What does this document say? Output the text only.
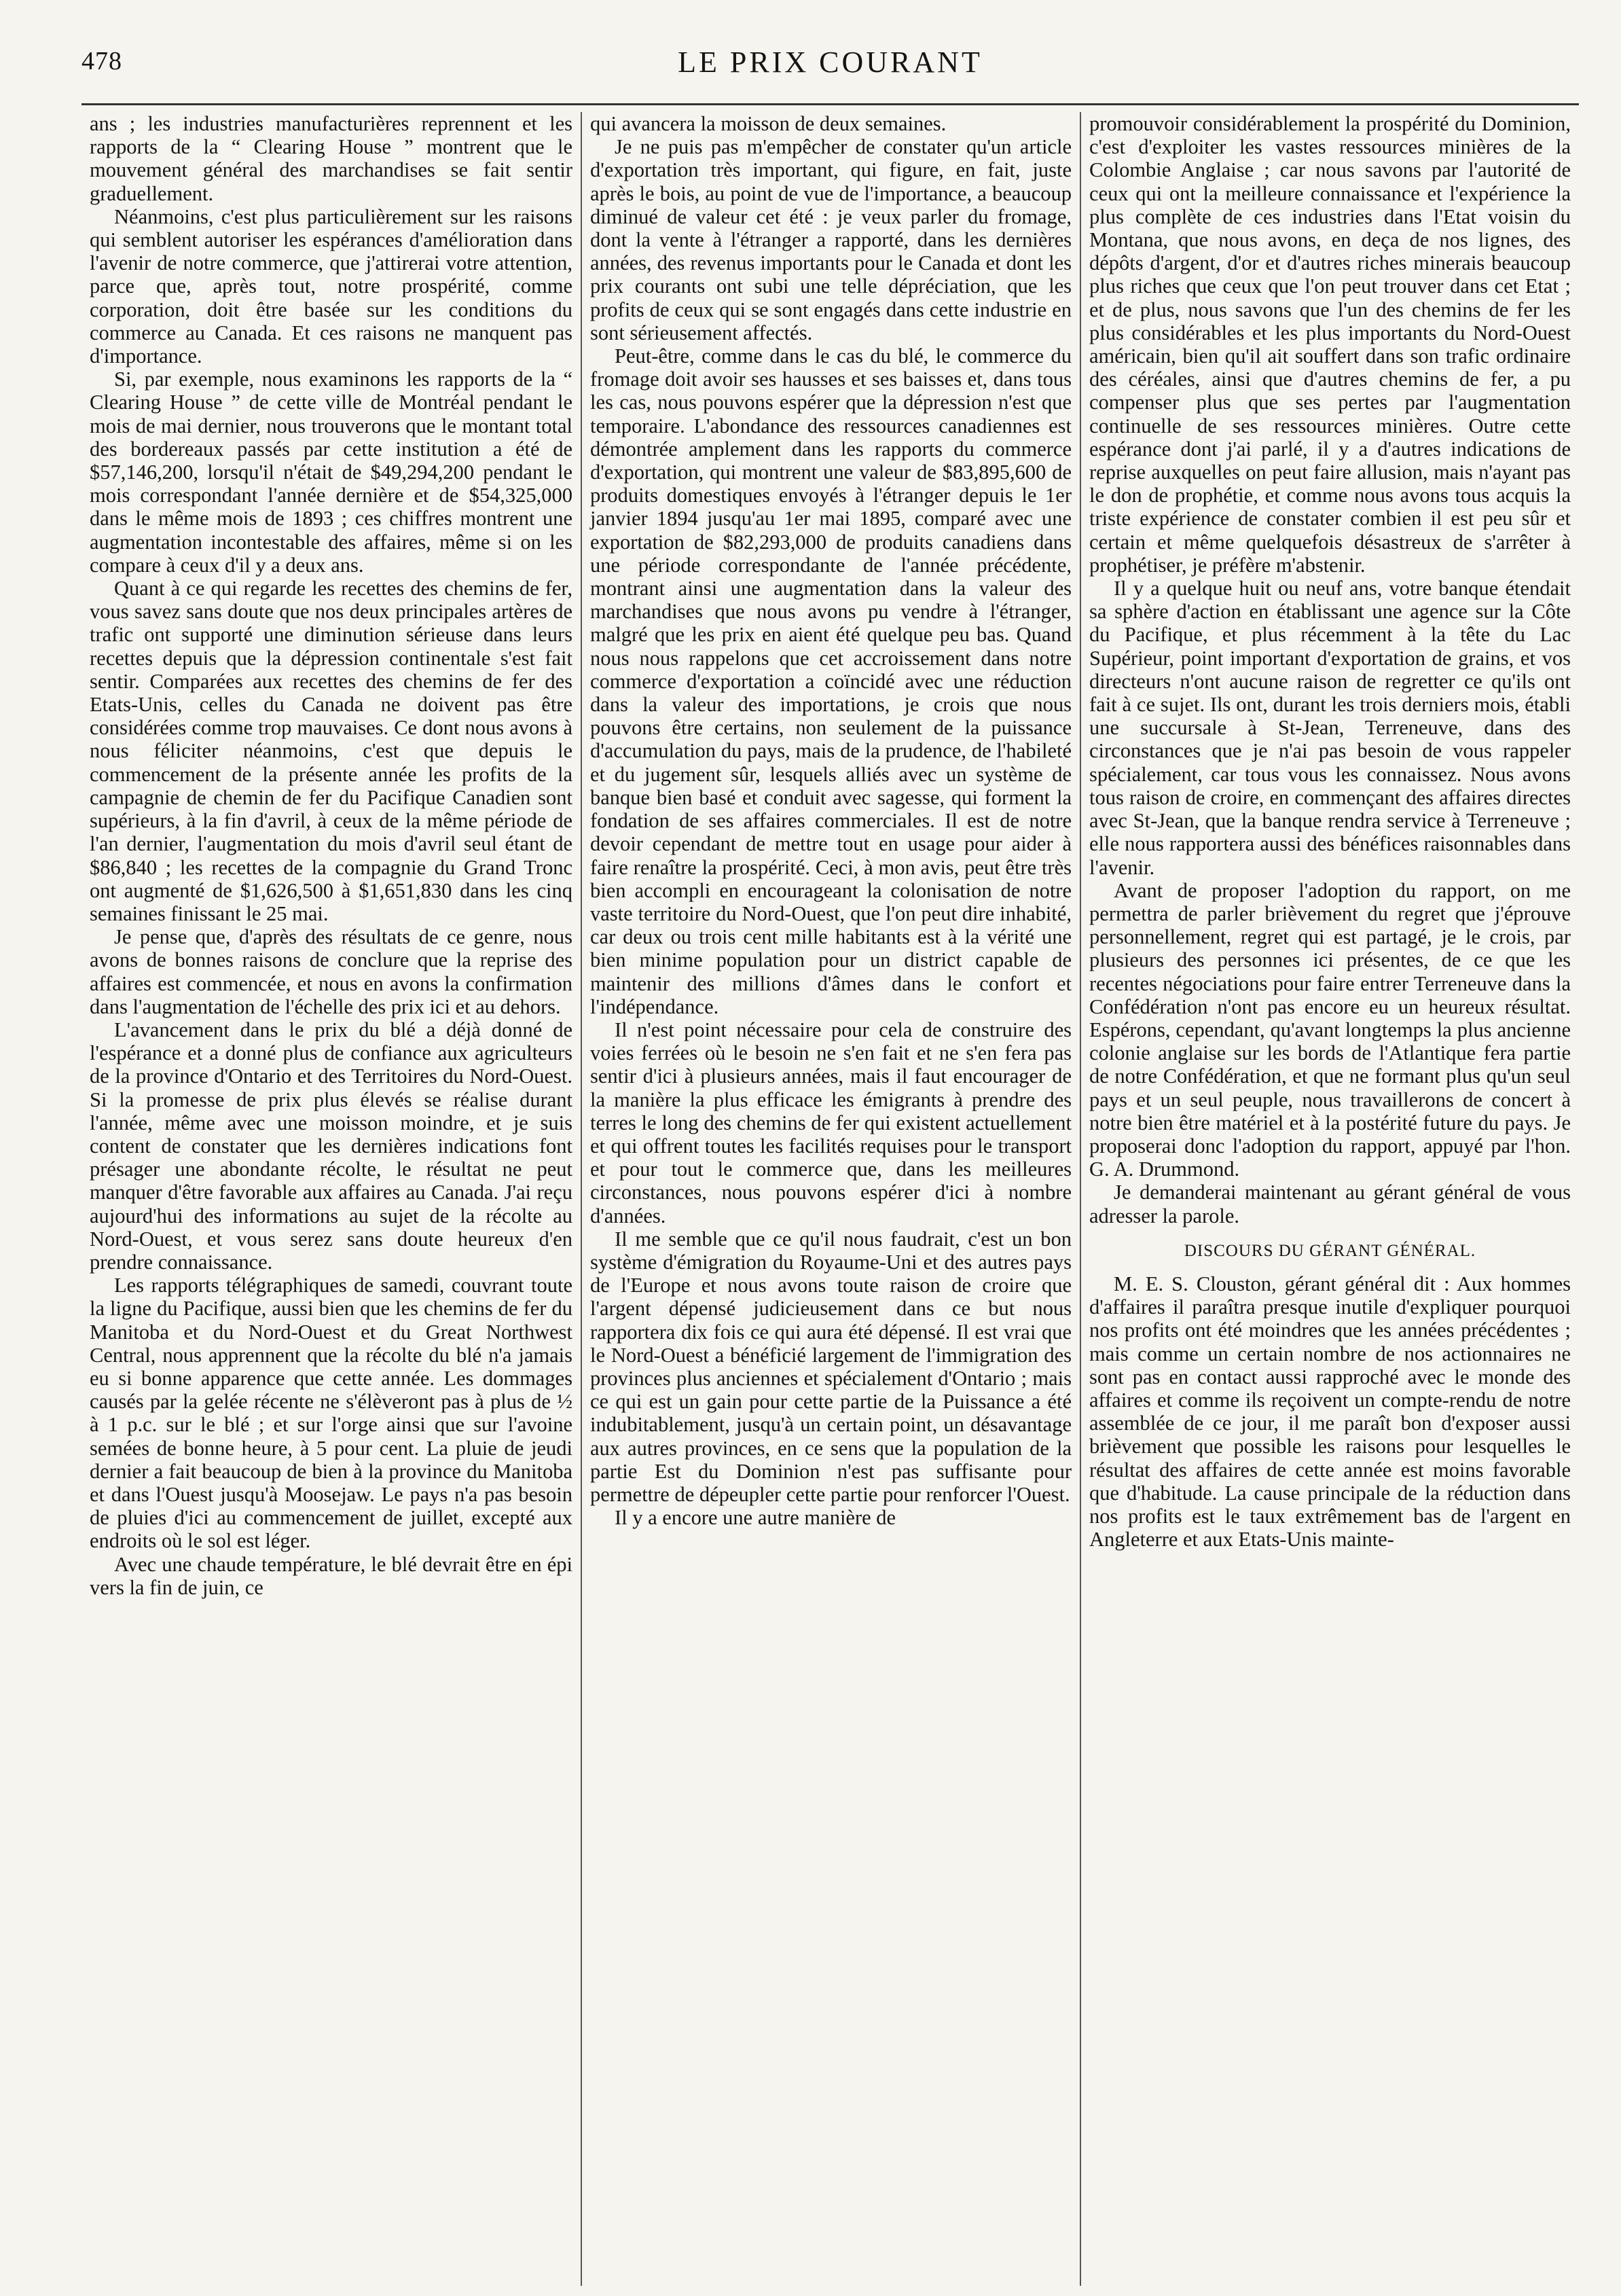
478	LE PRIX COURANT

ans ; les industries manufacturières reprennent et les rapports de la “ Clearing House ” montrent que le mouvement général des marchandises se fait sentir graduellement.

Néanmoins, c'est plus particulièrement sur les raisons qui semblent autoriser les espérances d'amélioration dans l'avenir de notre commerce, que j'attirerai votre attention, parce que, après tout, notre prospérité, comme corporation, doit être basée sur les conditions du commerce au Canada. Et ces raisons ne manquent pas d'importance.

Si, par exemple, nous examinons les rapports de la “ Clearing House ” de cette ville de Montréal pendant le mois de mai dernier, nous trouverons que le montant total des bordereaux passés par cette institution a été de $57,146,200, lorsqu'il n'était de $49,294,200 pendant le mois correspondant l'année dernière et de $54,325,000 dans le même mois de 1893 ; ces chiffres montrent une augmentation incontestable des affaires, même si on les compare à ceux d'il y a deux ans.

Quant à ce qui regarde les recettes des chemins de fer, vous savez sans doute que nos deux principales artères de trafic ont supporté une diminution sérieuse dans leurs recettes depuis que la dépression continentale s'est fait sentir. Comparées aux recettes des chemins de fer des Etats-Unis, celles du Canada ne doivent pas être considérées comme trop mauvaises. Ce dont nous avons à nous féliciter néanmoins, c'est que depuis le commencement de la présente année les profits de la campagnie de chemin de fer du Pacifique Canadien sont supérieurs, à la fin d'avril, à ceux de la même période de l'an dernier, l'augmentation du mois d'avril seul étant de $86,840 ; les recettes de la compagnie du Grand Tronc ont augmenté de $1,626,500 à $1,651,830 dans les cinq semaines finissant le 25 mai.

Je pense que, d'après des résultats de ce genre, nous avons de bonnes raisons de conclure que la reprise des affaires est commencée, et nous en avons la confirmation dans l'augmentation de l'échelle des prix ici et au dehors.

L'avancement dans le prix du blé a déjà donné de l'espérance et a donné plus de confiance aux agriculteurs de la province d'Ontario et des Territoires du Nord-Ouest. Si la promesse de prix plus élevés se réalise durant l'année, même avec une moisson moindre, et je suis content de constater que les dernières indications font présager une abondante récolte, le résultat ne peut manquer d'être favorable aux affaires au Canada. J'ai reçu aujourd'hui des informations au sujet de la récolte au Nord-Ouest, et vous serez sans doute heureux d'en prendre connaissance.

Les rapports télégraphiques de samedi, couvrant toute la ligne du Pacifique, aussi bien que les chemins de fer du Manitoba et du Nord-Ouest et du Great Northwest Central, nous apprennent que la récolte du blé n'a jamais eu si bonne apparence que cette année. Les dommages causés par la gelée récente ne s'élèveront pas à plus de ½ à 1 p.c. sur le blé ; et sur l'orge ainsi que sur l'avoine semées de bonne heure, à 5 pour cent. La pluie de jeudi dernier a fait beaucoup de bien à la province du Manitoba et dans l'Ouest jusqu'à Moosejaw. Le pays n'a pas besoin de pluies d'ici au commencement de juillet, excepté aux endroits où le sol est léger.

Avec une chaude température, le blé devrait être en épi vers la fin de juin, ce

qui avancera la moisson de deux semaines.

Je ne puis pas m'empêcher de constater qu'un article d'exportation très important, qui figure, en fait, juste après le bois, au point de vue de l'importance, a beaucoup diminué de valeur cet été : je veux parler du fromage, dont la vente à l'étranger a rapporté, dans les dernières années, des revenus importants pour le Canada et dont les prix courants ont subi une telle dépréciation, que les profits de ceux qui se sont engagés dans cette industrie en sont sérieusement affectés.

Peut-être, comme dans le cas du blé, le commerce du fromage doit avoir ses hausses et ses baisses et, dans tous les cas, nous pouvons espérer que la dépression n'est que temporaire. L'abondance des ressources canadiennes est démontrée amplement dans les rapports du commerce d'exportation, qui montrent une valeur de $83,895,600 de produits domestiques envoyés à l'étranger depuis le 1er janvier 1894 jusqu'au 1er mai 1895, comparé avec une exportation de $82,293,000 de produits canadiens dans une période correspondante de l'année précédente, montrant ainsi une augmentation dans la valeur des marchandises que nous avons pu vendre à l'étranger, malgré que les prix en aient été quelque peu bas. Quand nous nous rappelons que cet accroissement dans notre commerce d'exportation a coïncidé avec une réduction dans la valeur des importations, je crois que nous pouvons être certains, non seulement de la puissance d'accumulation du pays, mais de la prudence, de l'habileté et du jugement sûr, lesquels alliés avec un système de banque bien basé et conduit avec sagesse, qui forment la fondation de ses affaires commerciales. Il est de notre devoir cependant de mettre tout en usage pour aider à faire renaître la prospérité. Ceci, à mon avis, peut être très bien accompli en encourageant la colonisation de notre vaste territoire du Nord-Ouest, que l'on peut dire inhabité, car deux ou trois cent mille habitants est à la vérité une bien minime population pour un district capable de maintenir des millions d'âmes dans le confort et l'indépendance.

Il n'est point nécessaire pour cela de construire des voies ferrées où le besoin ne s'en fait et ne s'en fera pas sentir d'ici à plusieurs années, mais il faut encourager de la manière la plus efficace les émigrants à prendre des terres le long des chemins de fer qui existent actuellement et qui offrent toutes les facilités requises pour le transport et pour tout le commerce que, dans les meilleures circonstances, nous pouvons espérer d'ici à nombre d'années.

Il me semble que ce qu'il nous faudrait, c'est un bon système d'émigration du Royaume-Uni et des autres pays de l'Europe et nous avons toute raison de croire que l'argent dépensé judicieusement dans ce but nous rapportera dix fois ce qui aura été dépensé. Il est vrai que le Nord-Ouest a bénéficié largement de l'immigration des provinces plus anciennes et spécialement d'Ontario ; mais ce qui est un gain pour cette partie de la Puissance a été indubitablement, jusqu'à un certain point, un désavantage aux autres provinces, en ce sens que la population de la partie Est du Dominion n'est pas suffisante pour permettre de dépeupler cette partie pour renforcer l'Ouest.

Il y a encore une autre manière de

promouvoir considérablement la prospérité du Dominion, c'est d'exploiter les vastes ressources minières de la Colombie Anglaise ; car nous savons par l'autorité de ceux qui ont la meilleure connaissance et l'expérience la plus complète de ces industries dans l'Etat voisin du Montana, que nous avons, en deça de nos lignes, des dépôts d'argent, d'or et d'autres riches minerais beaucoup plus riches que ceux que l'on peut trouver dans cet Etat ; et de plus, nous savons que l'un des chemins de fer les plus considérables et les plus importants du Nord-Ouest américain, bien qu'il ait souffert dans son trafic ordinaire des céréales, ainsi que d'autres chemins de fer, a pu compenser plus que ses pertes par l'augmentation continuelle de ses ressources minières. Outre cette espérance dont j'ai parlé, il y a d'autres indications de reprise auxquelles on peut faire allusion, mais n'ayant pas le don de prophétie, et comme nous avons tous acquis la triste expérience de constater combien il est peu sûr et certain et même quelquefois désastreux de s'arrêter à prophétiser, je préfère m'abstenir.

Il y a quelque huit ou neuf ans, votre banque étendait sa sphère d'action en établissant une agence sur la Côte du Pacifique, et plus récemment à la tête du Lac Supérieur, point important d'exportation de grains, et vos directeurs n'ont aucune raison de regretter ce qu'ils ont fait à ce sujet. Ils ont, durant les trois derniers mois, établi une succursale à St-Jean, Terreneuve, dans des circonstances que je n'ai pas besoin de vous rappeler spécialement, car tous vous les connaissez. Nous avons tous raison de croire, en commençant des affaires directes avec St-Jean, que la banque rendra service à Terreneuve ; elle nous rapportera aussi des bénéfices raisonnables dans l'avenir.

Avant de proposer l'adoption du rapport, on me permettra de parler brièvement du regret que j'éprouve personnellement, regret qui est partagé, je le crois, par plusieurs des personnes ici présentes, de ce que les recentes négociations pour faire entrer Terreneuve dans la Confédération n'ont pas encore eu un heureux résultat. Espérons, cependant, qu'avant longtemps la plus ancienne colonie anglaise sur les bords de l'Atlantique fera partie de notre Confédération, et que ne formant plus qu'un seul pays et un seul peuple, nous travaillerons de concert à notre bien être matériel et à la postérité future du pays. Je proposerai donc l'adoption du rapport, appuyé par l'hon. G. A. Drummond.

Je demanderai maintenant au gérant général de vous adresser la parole.

DISCOURS DU GÉRANT GÉNÉRAL.

M. E. S. Clouston, gérant général dit : Aux hommes d'affaires il paraîtra presque inutile d'expliquer pourquoi nos profits ont été moindres que les années précédentes ; mais comme un certain nombre de nos actionnaires ne sont pas en contact aussi rapproché avec le monde des affaires et comme ils reçoivent un compte-rendu de notre assemblée de ce jour, il me paraît bon d'exposer aussi brièvement que possible les raisons pour lesquelles le résultat des affaires de cette année est moins favorable que d'habitude. La cause principale de la réduction dans nos profits est le taux extrêmement bas de l'argent en Angleterre et aux Etats-Unis mainte-
